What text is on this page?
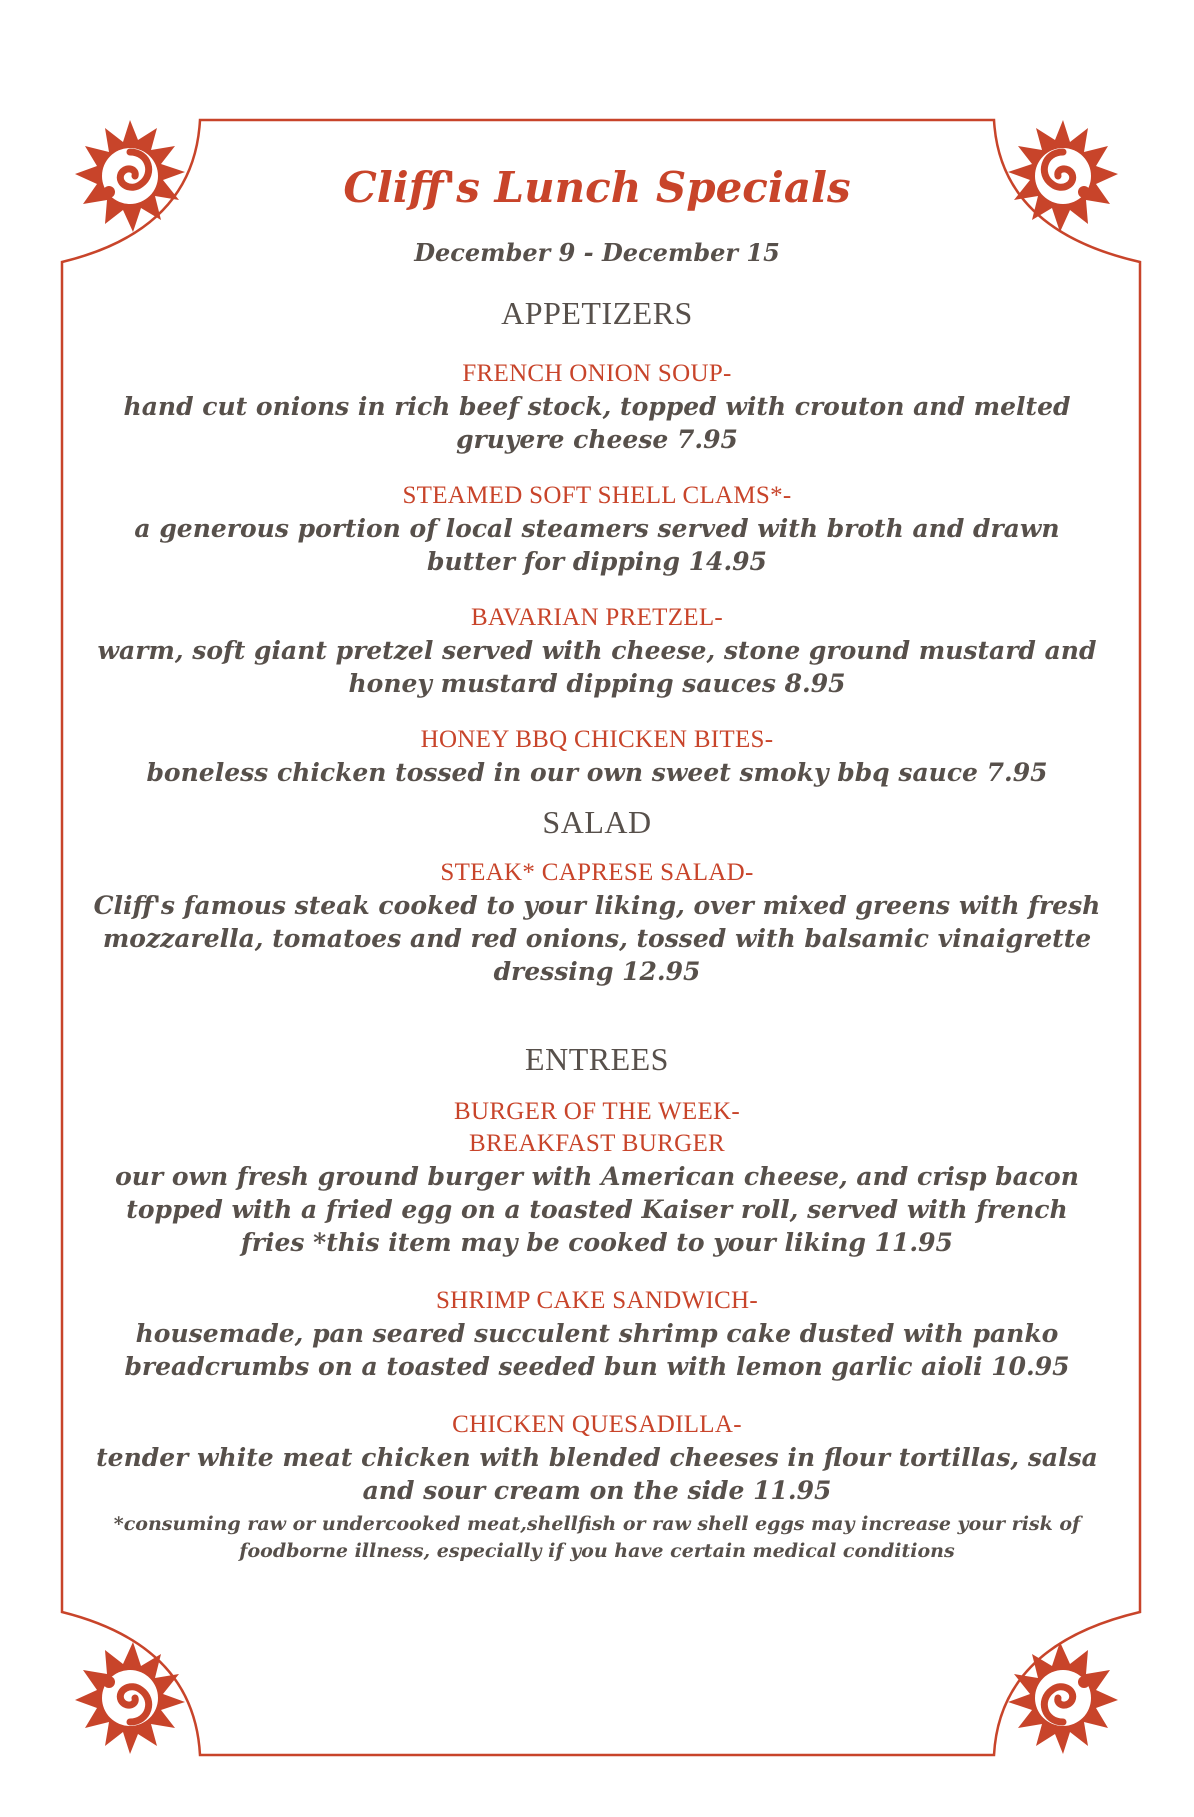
Cliff's Lunch Specials
December 9 - December 15
APPETIZERS
FRENCH ONION SOUP-
hand cut onions in rich beef stock, topped with crouton and melted
gruyere cheese 7.95
STEAMED SOFT SHELL CLAMS*-
a generous portion of local steamers served with broth and drawn
butter for dipping 14.95
BAVARIAN PRETZEL-
warm, soft giant pretzel served with cheese, stone ground mustard and
honey mustard dipping sauces 8.95
HONEY BBQ CHICKEN BITES-
boneless chicken tossed in our own sweet smoky bbq sauce 7.95
SALAD
STEAK* CAPRESE SALAD-
Cliff's famous steak cooked to your liking, over mixed greens with fresh
mozzarella, tomatoes and red onions, tossed with balsamic vinaigrette
dressing 12.95
ENTREES
BURGER OF THE WEEK-
BREAKFAST BURGER
our own fresh ground burger with American cheese, and crisp bacon
topped with a fried egg on a toasted Kaiser roll, served with french
fries *this item may be cooked to your liking 11.95
SHRIMP CAKE SANDWICH-
housemade, pan seared succulent shrimp cake dusted with panko
breadcrumbs on a toasted seeded bun with lemon garlic aioli 10.95
CHICKEN QUESADILLA-
tender white meat chicken with blended cheeses in flour tortillas, salsa
and sour cream on the side 11.95
*consuming raw or undercooked meat,shellfish or raw shell eggs may increase your risk of
foodborne illness, especially if you have certain medical conditions
